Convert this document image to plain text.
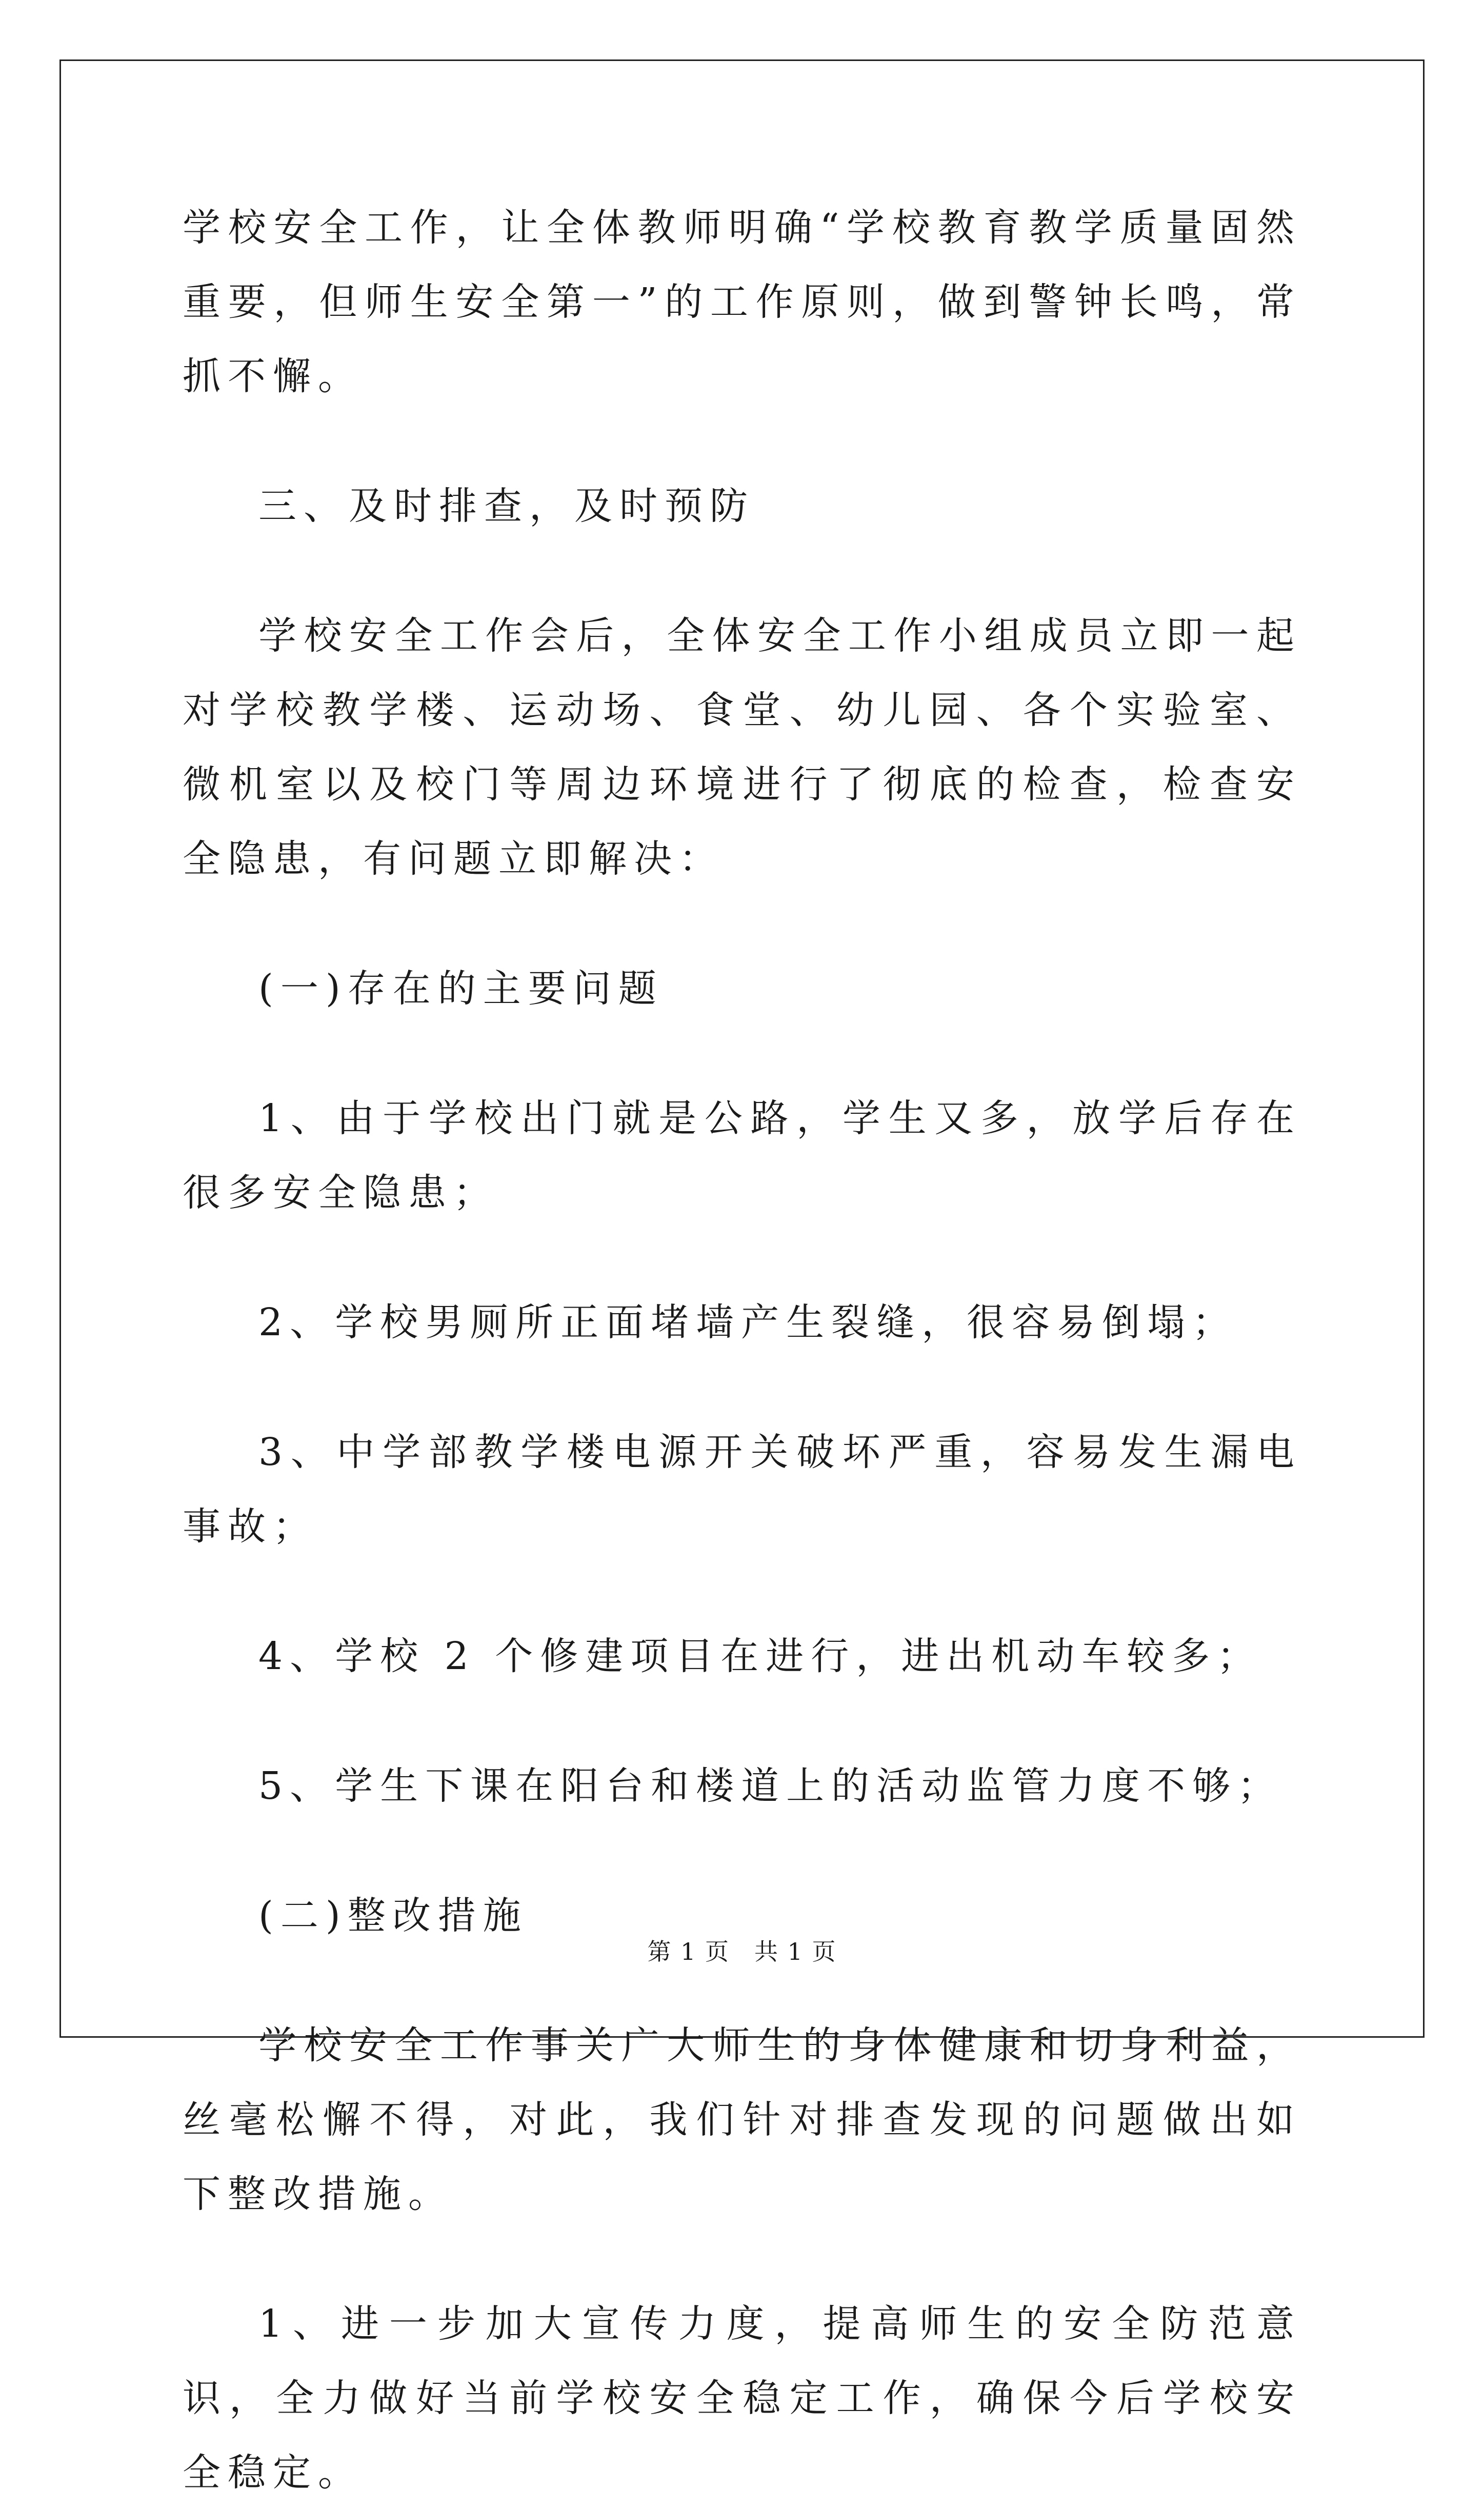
学校安全工作，让全体教师明确“学校教育教学质量固然重要，但师生安全第一”的工作原则，做到警钟长鸣，常抓不懈。

三、及时排查，及时预防

学校安全工作会后，全体安全工作小组成员立即一起对学校教学楼、运动场、食堂、幼儿园、各个实验室、微机室以及校门等周边环境进行了彻底的检查，检查安全隐患，有问题立即解决：

(一)存在的主要问题

1、由于学校出门就是公路，学生又多，放学后存在很多安全隐患；

2、学校男厕所正面堵墙产生裂缝，很容易倒塌；

3、中学部教学楼电源开关破坏严重，容易发生漏电事故；

4、学校 2 个修建项目在进行，进出机动车较多；

5、学生下课在阳台和楼道上的活动监管力度不够；

(二)整改措施

学校安全工作事关广大师生的身体健康和切身利益，丝毫松懈不得，对此，我们针对排查发现的问题做出如下整改措施。

1、进一步加大宣传力度，提高师生的安全防范意识，全力做好当前学校安全稳定工作，确保今后学校安全稳定。

第 1 页　共 1 页
